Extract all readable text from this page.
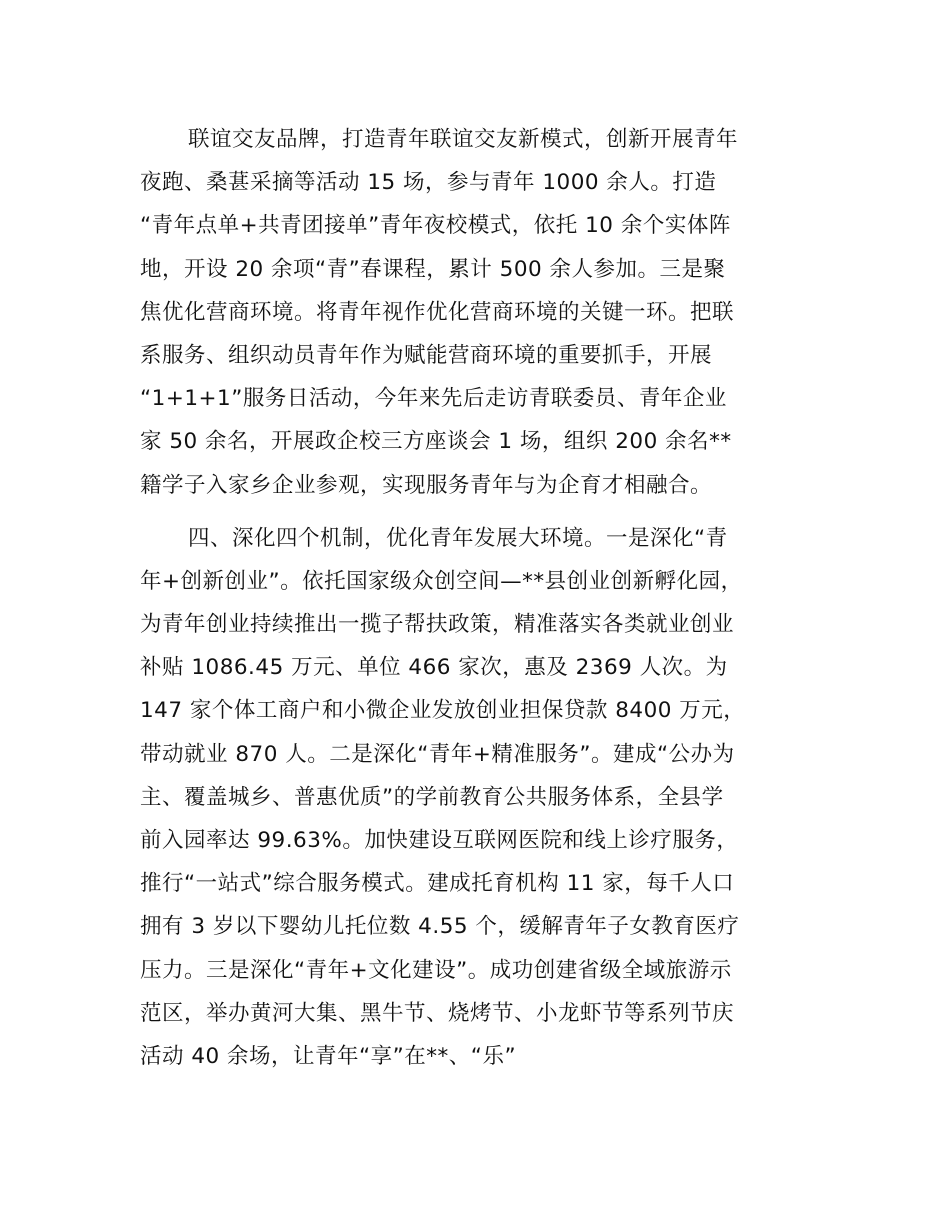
联谊交友品牌，打造青年联谊交友新模式，创新开展青年
夜跑、桑葚采摘等活动 15 场，参与青年 1000 余人。打造
“青年点单+共青团接单”青年夜校模式，依托 10 余个实体阵
地，开设 20 余项“青”春课程，累计 500 余人参加。三是聚
焦优化营商环境。将青年视作优化营商环境的关键一环。把联
系服务、组织动员青年作为赋能营商环境的重要抓手，开展
“1+1+1”服务日活动，今年来先后走访青联委员、青年企业
家 50 余名，开展政企校三方座谈会 1 场，组织 200 余名**
籍学子入家乡企业参观，实现服务青年与为企育才相融合。
四、深化四个机制，优化青年发展大环境。一是深化“青
年+创新创业”。依托国家级众创空间—**县创业创新孵化园，
为青年创业持续推出一揽子帮扶政策，精准落实各类就业创业
补贴 1086.45 万元、单位 466 家次，惠及 2369 人次。为
147 家个体工商户和小微企业发放创业担保贷款 8400 万元，
带动就业 870 人。二是深化“青年+精准服务”。建成“公办为
主、覆盖城乡、普惠优质”的学前教育公共服务体系，全县学
前入园率达 99.63%。加快建设互联网医院和线上诊疗服务，
推行“一站式”综合服务模式。建成托育机构 11 家，每千人口
拥有 3 岁以下婴幼儿托位数 4.55 个，缓解青年子女教育医疗
压力。三是深化“青年+文化建设”。成功创建省级全域旅游示
范区，举办黄河大集、黑牛节、烧烤节、小龙虾节等系列节庆
活动 40 余场，让青年“享”在**、“乐”
